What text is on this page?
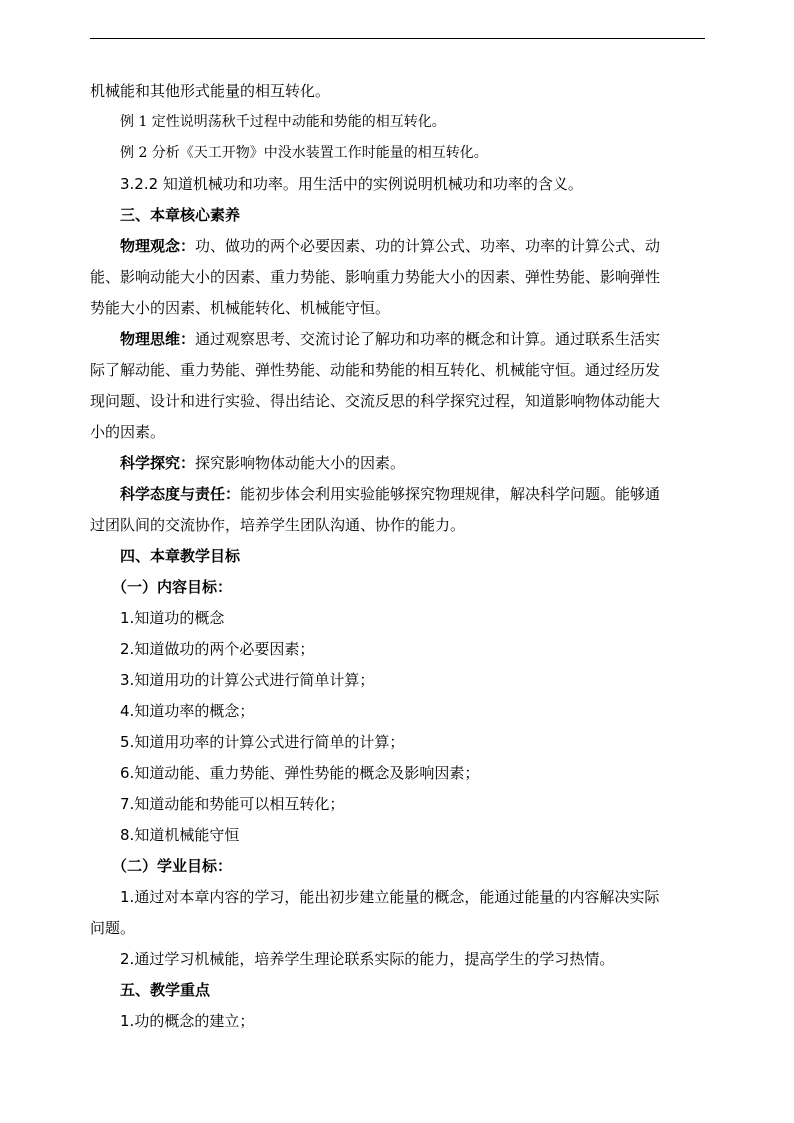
机械能和其他形式能量的相互转化。

例 1 定性说明荡秋千过程中动能和势能的相互转化。

例 2 分析《天工开物》中没水装置工作时能量的相互转化。

3.2.2 知道机械功和功率。用生活中的实例说明机械功和功率的含义。

三、本章核心素养

物理观念：功、做功的两个必要因素、功的计算公式、功率、功率的计算公式、动

能、影响动能大小的因素、重力势能、影响重力势能大小的因素、弹性势能、影响弹性

势能大小的因素、机械能转化、机械能守恒。

物理思维：通过观察思考、交流讨论了解功和功率的概念和计算。通过联系生活实

际了解动能、重力势能、弹性势能、动能和势能的相互转化、机械能守恒。通过经历发

现问题、设计和进行实验、得出结论、交流反思的科学探究过程，知道影响物体动能大

小的因素。

科学探究：探究影响物体动能大小的因素。

科学态度与责任：能初步体会利用实验能够探究物理规律，解决科学问题。能够通

过团队间的交流协作，培养学生团队沟通、协作的能力。

四、本章教学目标

（一）内容目标：

1.知道功的概念

2.知道做功的两个必要因素；

3.知道用功的计算公式进行简单计算；

4.知道功率的概念；

5.知道用功率的计算公式进行简单的计算；

6.知道动能、重力势能、弹性势能的概念及影响因素；

7.知道动能和势能可以相互转化；

8.知道机械能守恒

（二）学业目标：

1.通过对本章内容的学习，能出初步建立能量的概念，能通过能量的内容解决实际

问题。

2.通过学习机械能，培养学生理论联系实际的能力，提高学生的学习热情。

五、教学重点

1.功的概念的建立；
